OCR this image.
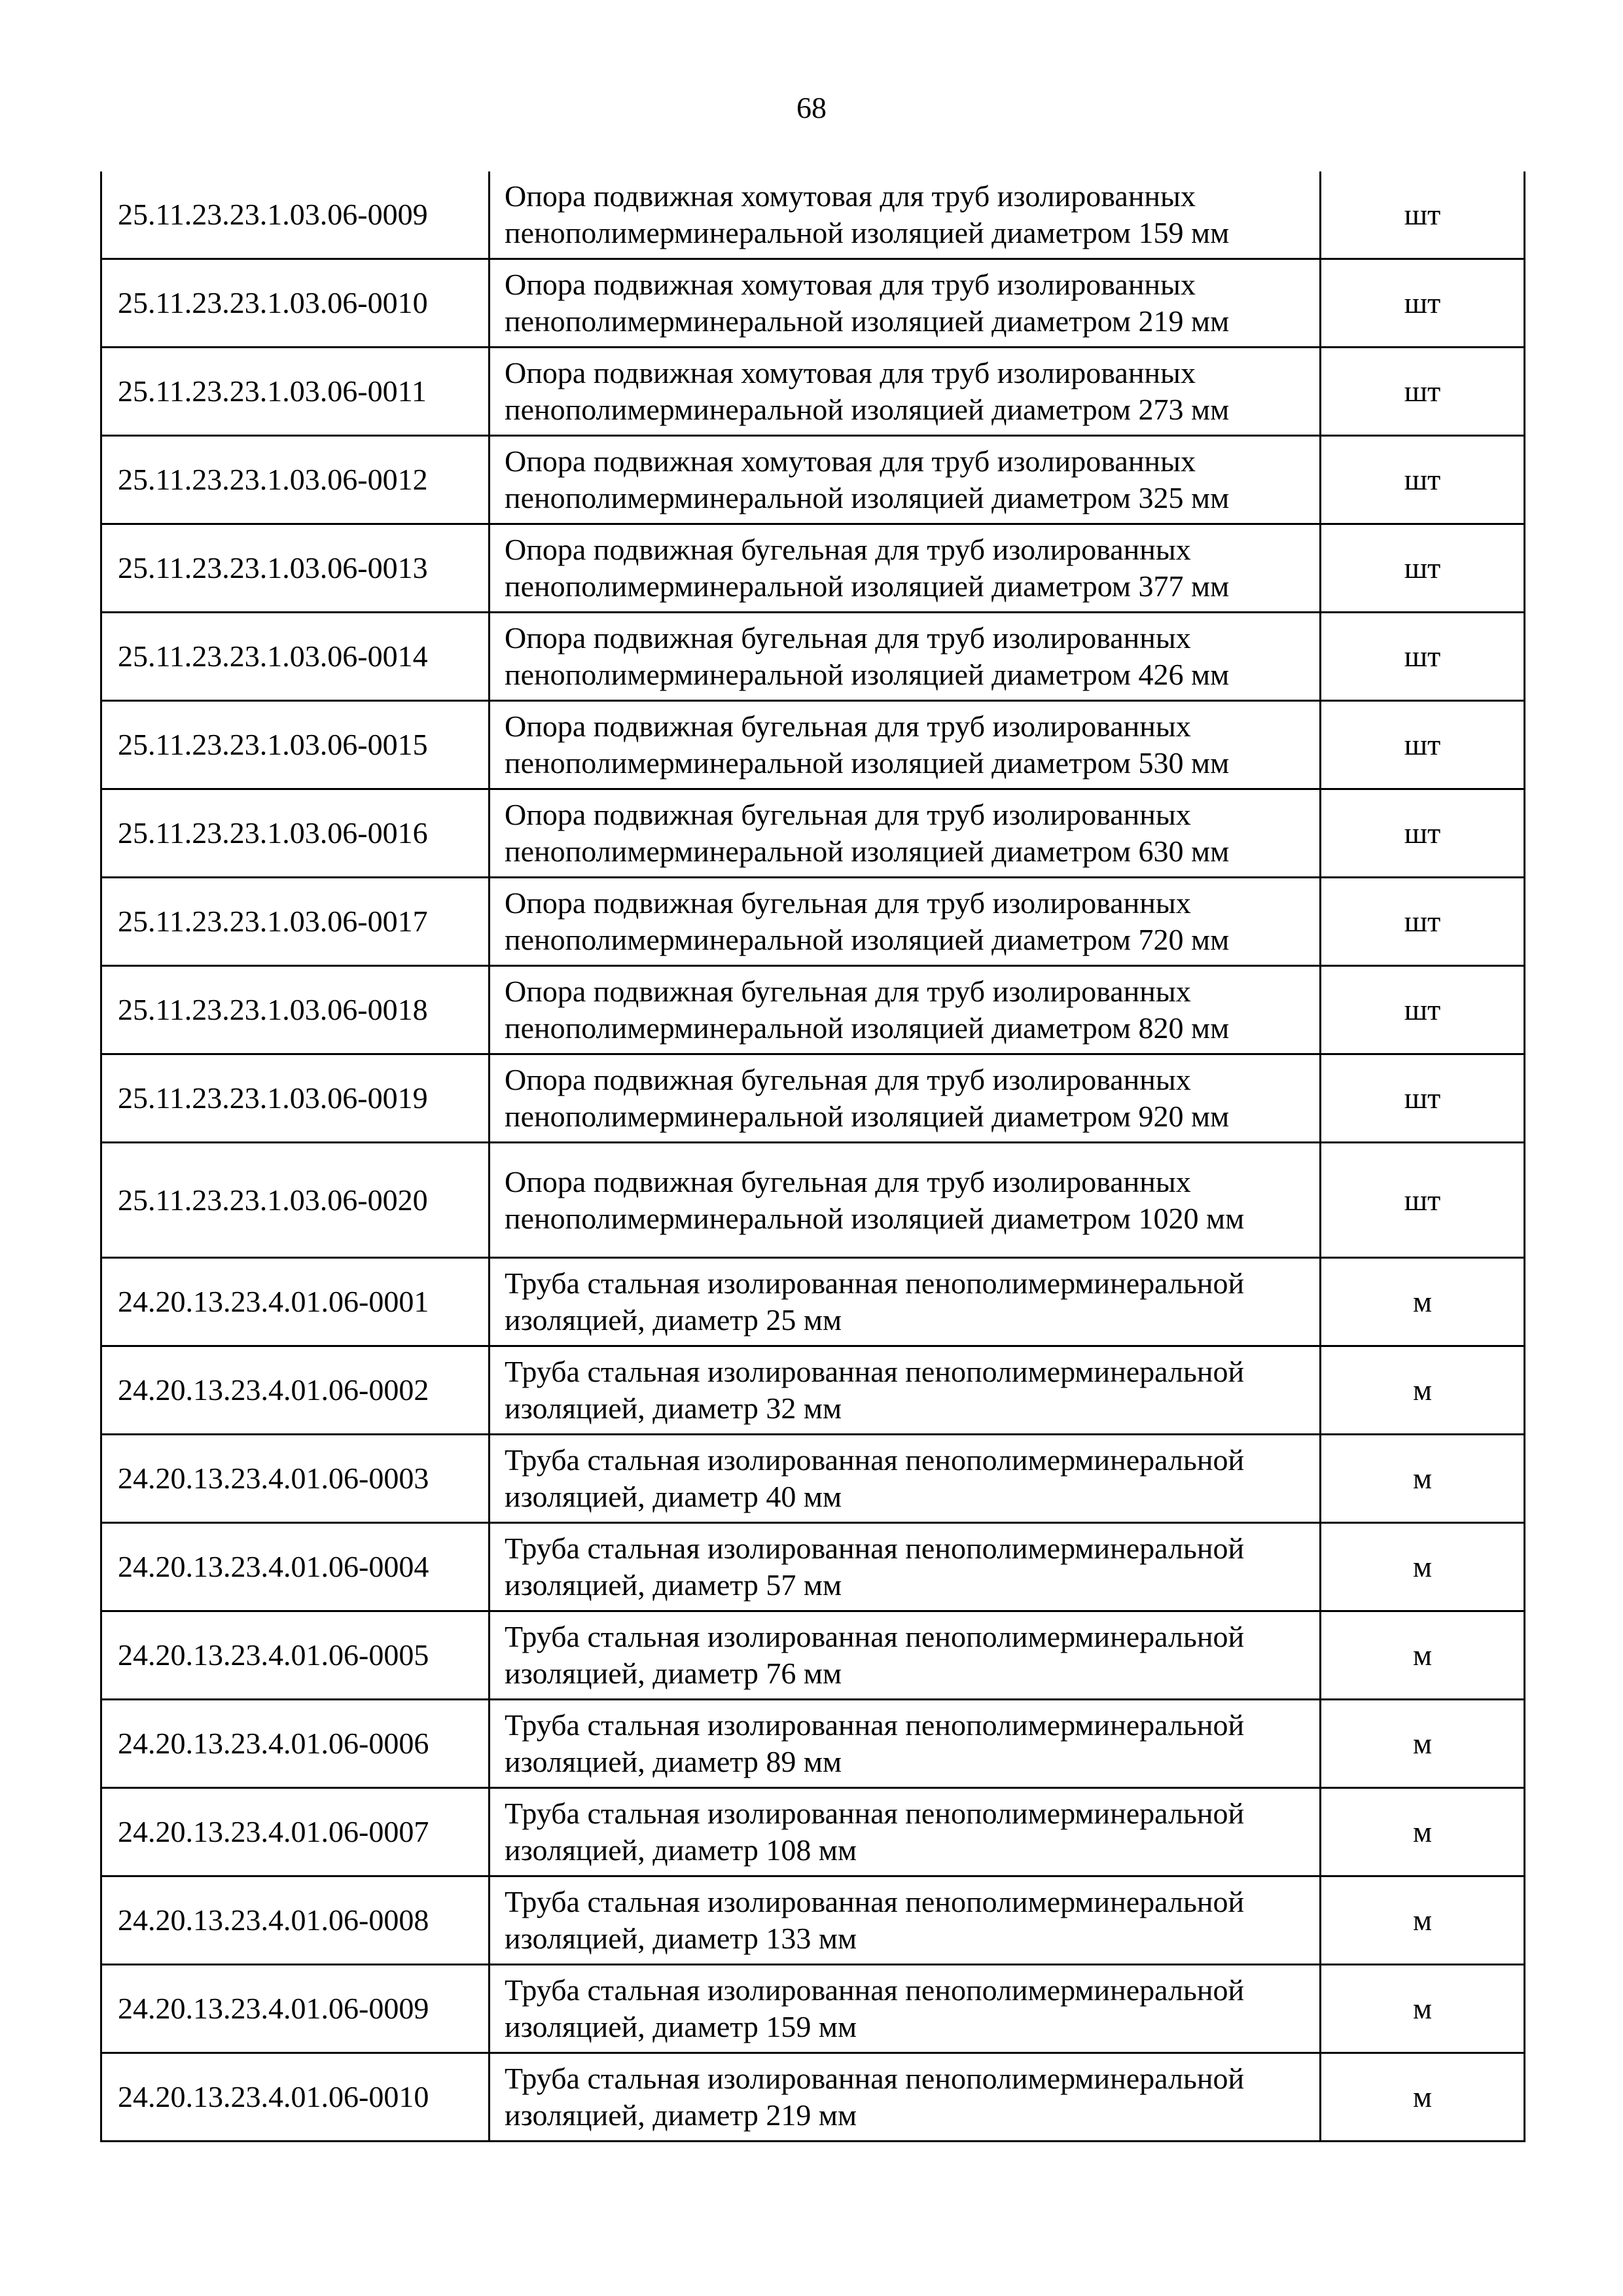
68
25.11.23.23.1.03.06-0009	Опора подвижная хомутовая для труб изолированных пенополимерминеральной изоляцией диаметром 159 мм	шт
25.11.23.23.1.03.06-0010	Опора подвижная хомутовая для труб изолированных пенополимерминеральной изоляцией диаметром 219 мм	шт
25.11.23.23.1.03.06-0011	Опора подвижная хомутовая для труб изолированных пенополимерминеральной изоляцией диаметром 273 мм	шт
25.11.23.23.1.03.06-0012	Опора подвижная хомутовая для труб изолированных пенополимерминеральной изоляцией диаметром 325 мм	шт
25.11.23.23.1.03.06-0013	Опора подвижная бугельная для труб изолированных пенополимерминеральной изоляцией диаметром 377 мм	шт
25.11.23.23.1.03.06-0014	Опора подвижная бугельная для труб изолированных пенополимерминеральной изоляцией диаметром 426 мм	шт
25.11.23.23.1.03.06-0015	Опора подвижная бугельная для труб изолированных пенополимерминеральной изоляцией диаметром 530 мм	шт
25.11.23.23.1.03.06-0016	Опора подвижная бугельная для труб изолированных пенополимерминеральной изоляцией диаметром 630 мм	шт
25.11.23.23.1.03.06-0017	Опора подвижная бугельная для труб изолированных пенополимерминеральной изоляцией диаметром 720 мм	шт
25.11.23.23.1.03.06-0018	Опора подвижная бугельная для труб изолированных пенополимерминеральной изоляцией диаметром 820 мм	шт
25.11.23.23.1.03.06-0019	Опора подвижная бугельная для труб изолированных пенополимерминеральной изоляцией диаметром 920 мм	шт
25.11.23.23.1.03.06-0020	Опора подвижная бугельная для труб изолированных пенополимерминеральной изоляцией диаметром 1020 мм	шт
24.20.13.23.4.01.06-0001	Труба стальная изолированная пенополимерминеральной изоляцией, диаметр 25 мм	м
24.20.13.23.4.01.06-0002	Труба стальная изолированная пенополимерминеральной изоляцией, диаметр 32 мм	м
24.20.13.23.4.01.06-0003	Труба стальная изолированная пенополимерминеральной изоляцией, диаметр 40 мм	м
24.20.13.23.4.01.06-0004	Труба стальная изолированная пенополимерминеральной изоляцией, диаметр 57 мм	м
24.20.13.23.4.01.06-0005	Труба стальная изолированная пенополимерминеральной изоляцией, диаметр 76 мм	м
24.20.13.23.4.01.06-0006	Труба стальная изолированная пенополимерминеральной изоляцией, диаметр 89 мм	м
24.20.13.23.4.01.06-0007	Труба стальная изолированная пенополимерминеральной изоляцией, диаметр 108 мм	м
24.20.13.23.4.01.06-0008	Труба стальная изолированная пенополимерминеральной изоляцией, диаметр 133 мм	м
24.20.13.23.4.01.06-0009	Труба стальная изолированная пенополимерминеральной изоляцией, диаметр 159 мм	м
24.20.13.23.4.01.06-0010	Труба стальная изолированная пенополимерминеральной изоляцией, диаметр 219 мм	м
